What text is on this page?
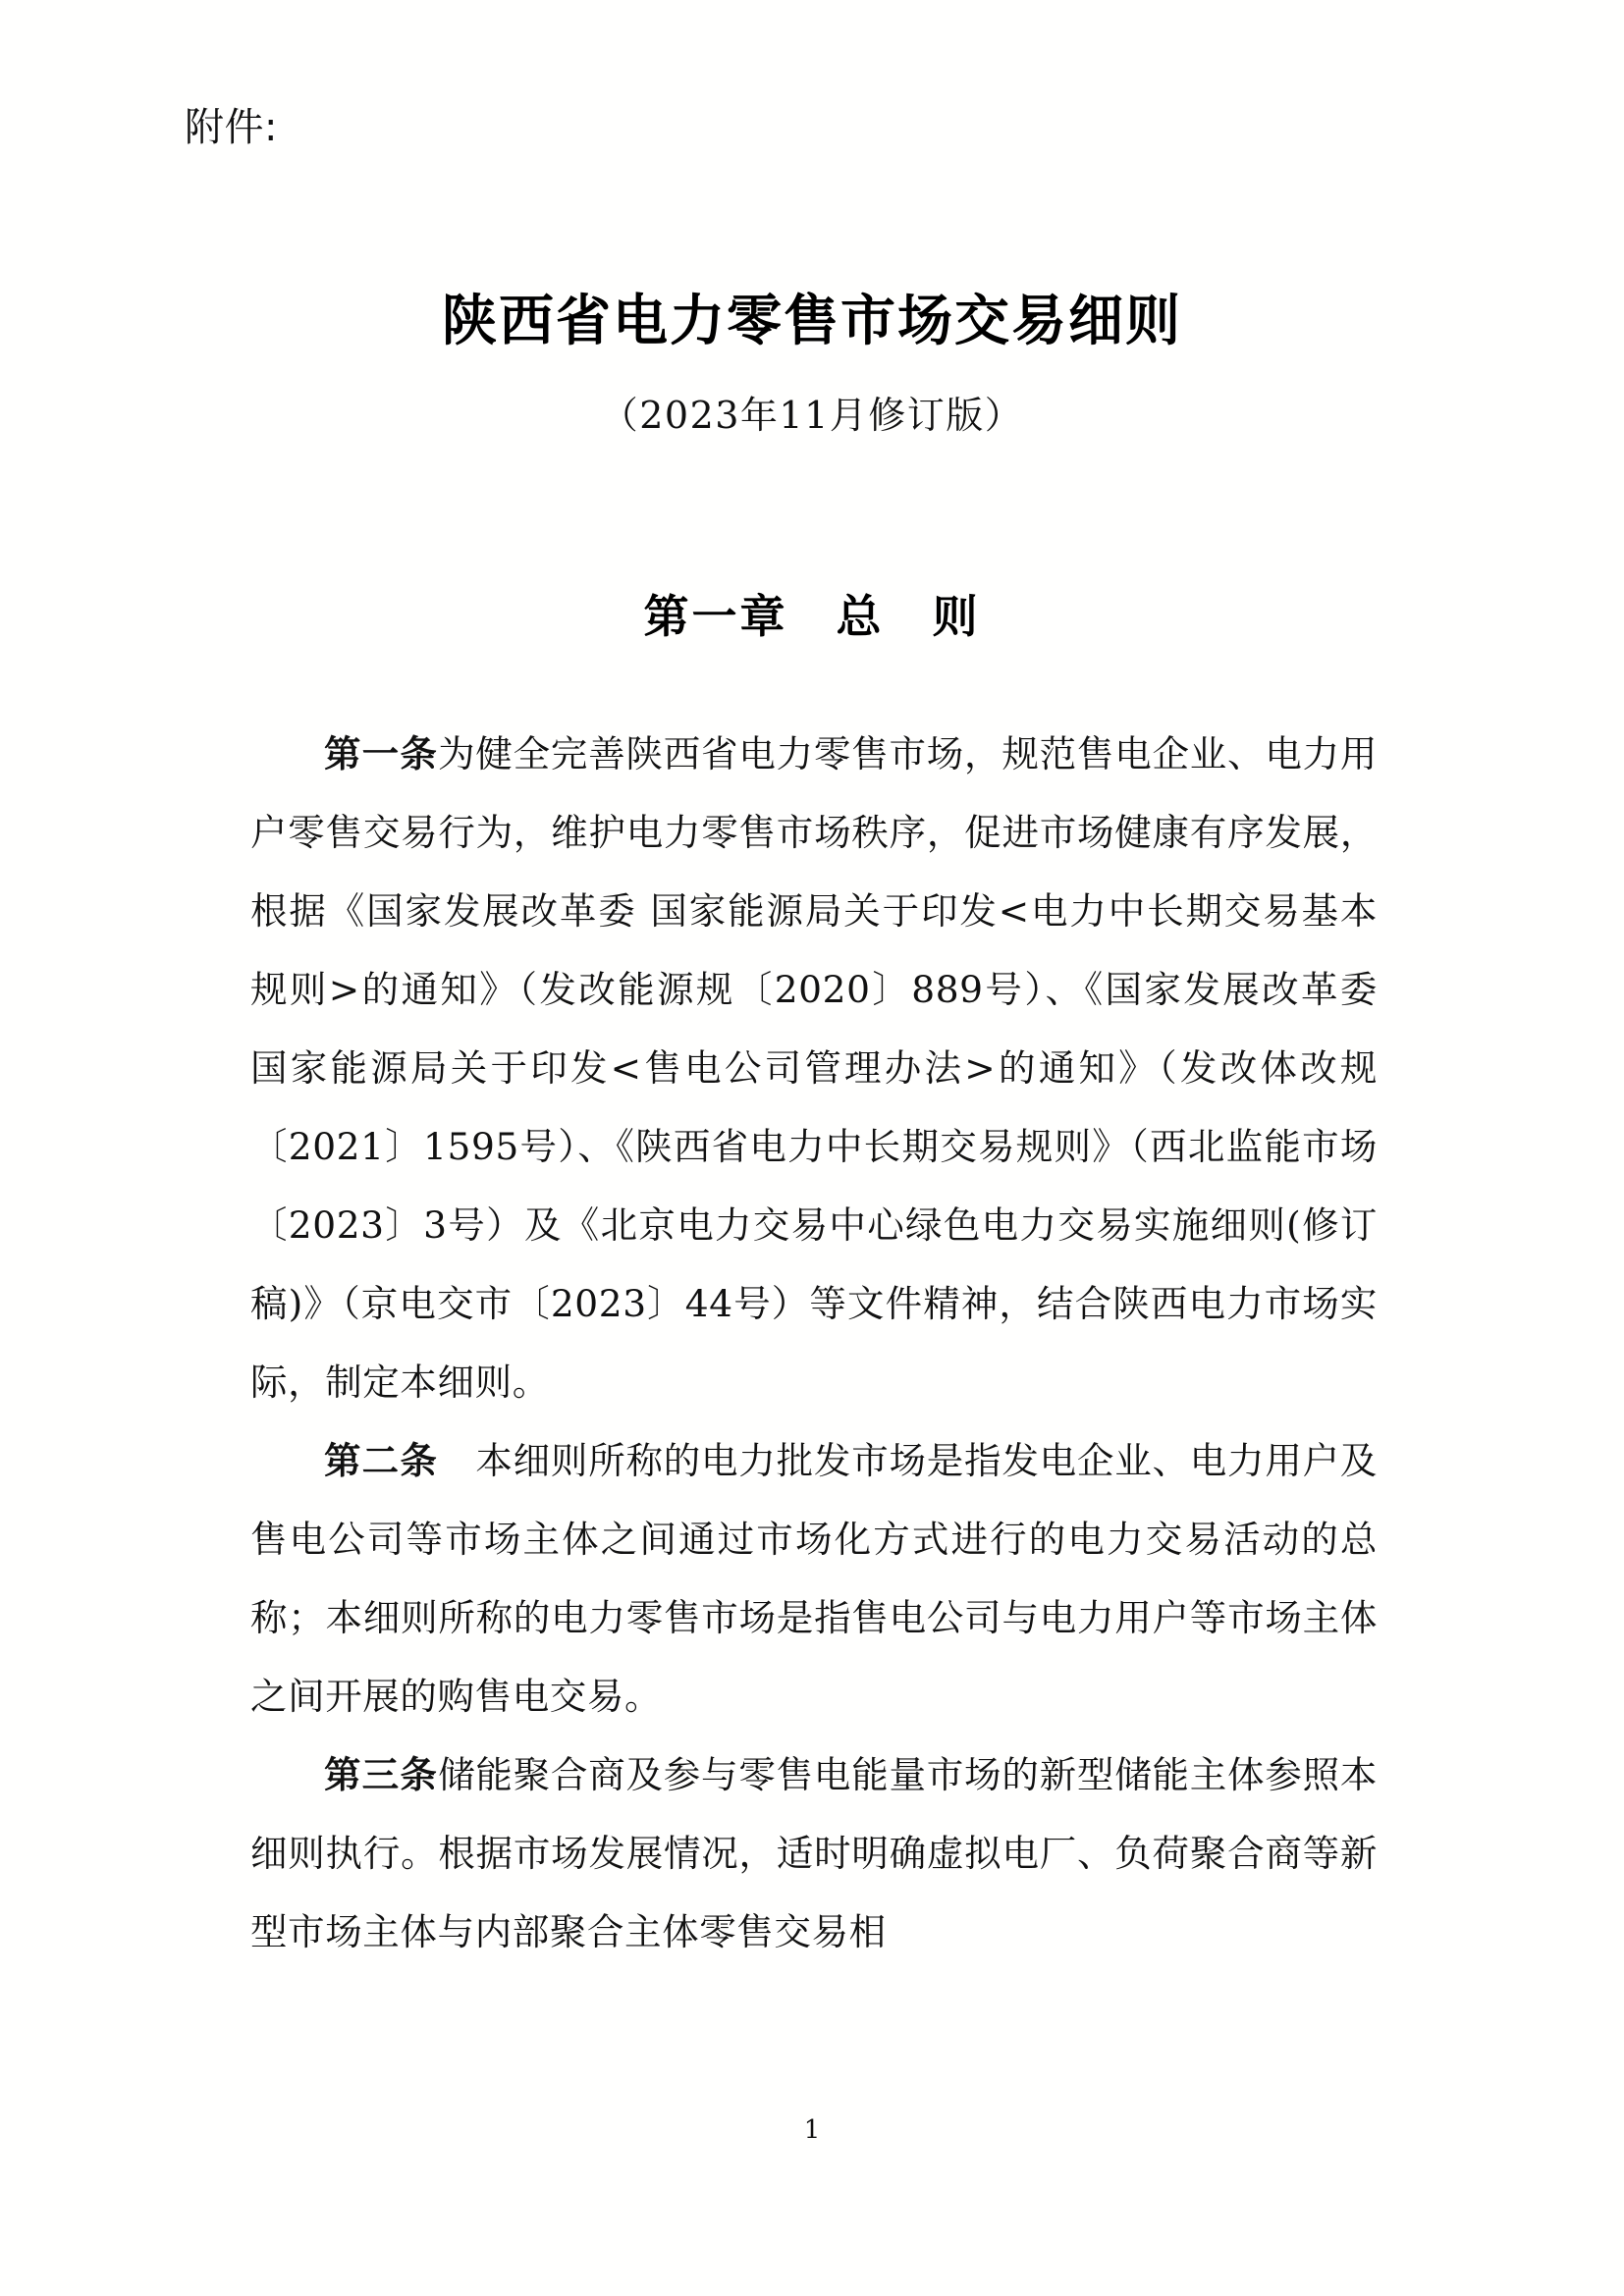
附件:
陕西省电力零售市场交易细则
（2023年11月修订版）
第一章　总　则

第一条为健全完善陕西省电力零售市场，规范售电企业、电力用户零售交易行为，维护电力零售市场秩序，促进市场健康有序发展，根据《国家发展改革委 国家能源局关于印发<电力中长期交易基本规则>的通知》（发改能源规〔2020〕889号）、《国家发展改革委 国家能源局关于印发<售电公司管理办法>的通知》（发改体改规〔2021〕1595号）、《陕西省电力中长期交易规则》（西北监能市场〔2023〕3号）及《北京电力交易中心绿色电力交易实施细则(修订稿)》（京电交市〔2023〕44号）等文件精神，结合陕西电力市场实际，制定本细则。

第二条　本细则所称的电力批发市场是指发电企业、电力用户及售电公司等市场主体之间通过市场化方式进行的电力交易活动的总称；本细则所称的电力零售市场是指售电公司与电力用户等市场主体之间开展的购售电交易。

第三条储能聚合商及参与零售电能量市场的新型储能主体参照本细则执行。根据市场发展情况，适时明确虚拟电厂、负荷聚合商等新型市场主体与内部聚合主体零售交易相

1
